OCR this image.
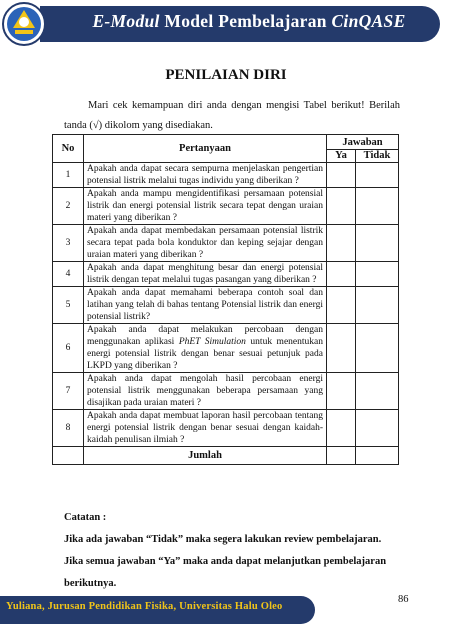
E-Modul Model Pembelajaran CinQASE
PENILAIAN DIRI
Mari cek kemampuan diri anda dengan mengisi Tabel berikut! Berilah tanda (√) dikolom yang disediakan.
No	Pertanyaan	Jawaban	
		Ya	Tidak
1	Apakah anda dapat secara sempurna menjelaskan pengertian potensial listrik melalui tugas individu yang diberikan ?		
2	Apakah anda mampu mengidentifikasi persamaan potensial listrik dan energi potensial listrik secara tepat dengan uraian materi yang diberikan ?		
3	Apakah anda dapat membedakan persamaan potensial listrik secara tepat pada bola konduktor dan keping sejajar dengan uraian materi yang diberikan ?		
4	Apakah anda dapat menghitung besar dan energi potensial listrik dengan tepat melalui tugas pasangan yang diberikan ?		
5	Apakah anda dapat memahami beberapa contoh soal dan latihan yang telah di bahas tentang Potensial listrik dan energi potensial listrik?		
6	Apakah anda dapat melakukan percobaan dengan menggunakan aplikasi PhET Simulation untuk menentukan energi potensial listrik dengan benar sesuai petunjuk pada LKPD yang diberikan ?		
7	Apakah anda dapat mengolah hasil percobaan energi potensial listrik menggunakan beberapa persamaan yang disajikan pada uraian materi ?		
8	Apakah anda dapat membuat laporan hasil percobaan tentang energi potensial listrik dengan benar sesuai dengan kaidah-kaidah penulisan ilmiah ?		
	Jumlah		

Catatan :

Jika ada jawaban “Tidak” maka segera lakukan review pembelajaran.

Jika semua jawaban “Ya” maka anda dapat melanjutkan pembelajaran berikutnya.

86
Yuliana, Jurusan Pendidikan Fisika, Universitas Halu Oleo
